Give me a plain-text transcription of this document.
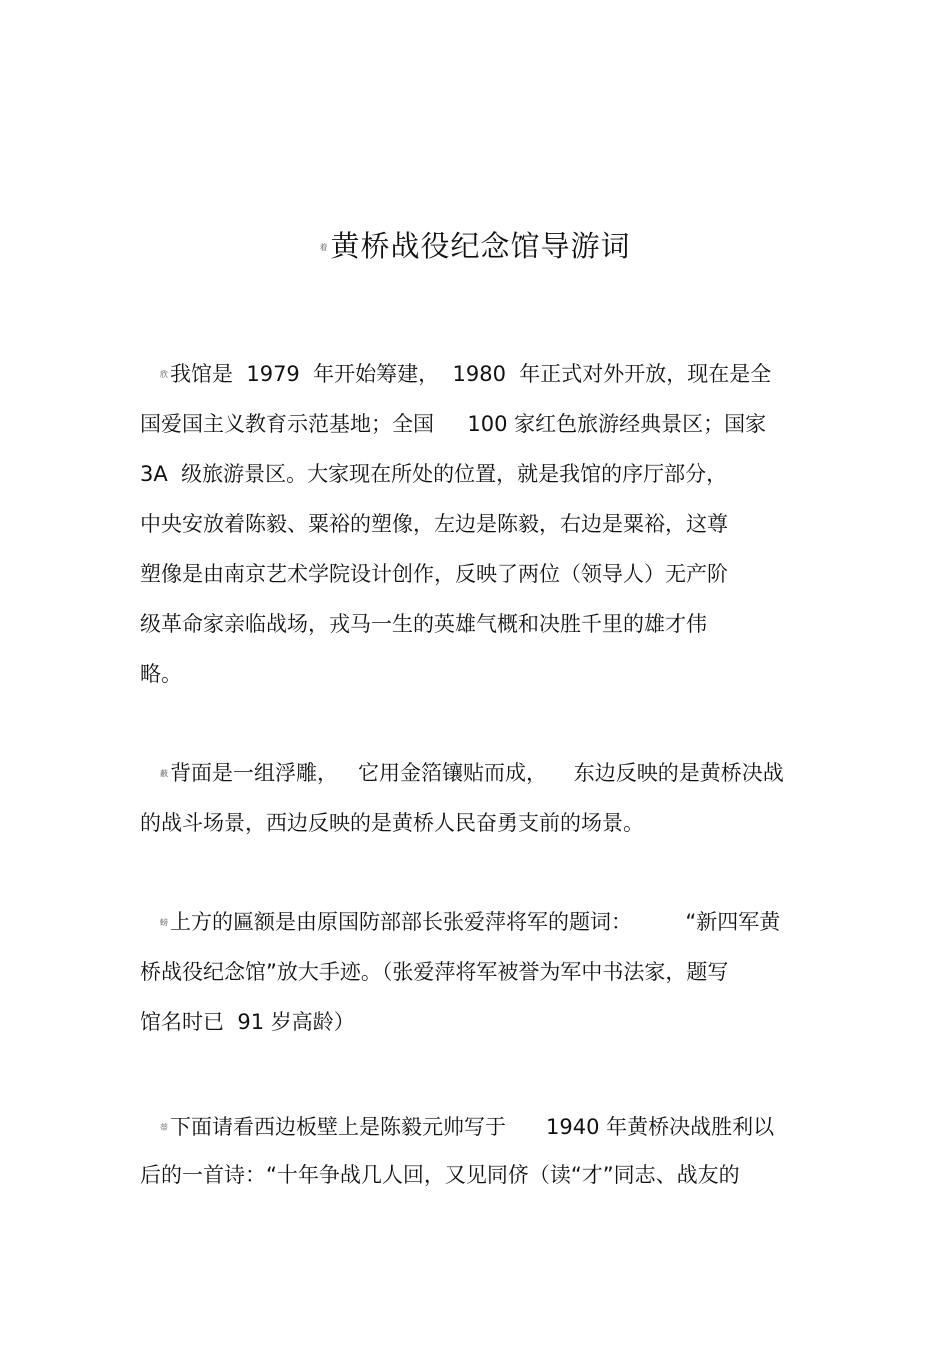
着黄桥战役纪念馆导游词
欣我馆是  1979  年开始筹建，  1980  年正式对外开放，现在是全
国爱国主义教育示范基地；全国     100 家红色旅游经典景区；国家
3A  级旅游景区。大家现在所处的位置，就是我馆的序厅部分，
中央安放着陈毅、粟裕的塑像，左边是陈毅，右边是粟裕，这尊
塑像是由南京艺术学院设计创作，反映了两位（领导人）无产阶
级革命家亲临战场，戎马一生的英雄气概和决胜千里的雄才伟
略。
蔽背面是一组浮雕，   它用金箔镶贴而成，    东边反映的是黄桥决战
的战斗场景，西边反映的是黄桥人民奋勇支前的场景。
螃上方的匾额是由原国防部部长张爱萍将军的题词：        “新四军黄
桥战役纪念馆”放大手迹。（张爱萍将军被誉为军中书法家，题写
馆名时已  91 岁高龄）
蒂下面请看西边板壁上是陈毅元帅写于      1940 年黄桥决战胜利以
后的一首诗：“十年争战几人回，又见同侪（读“才”同志、战友的
